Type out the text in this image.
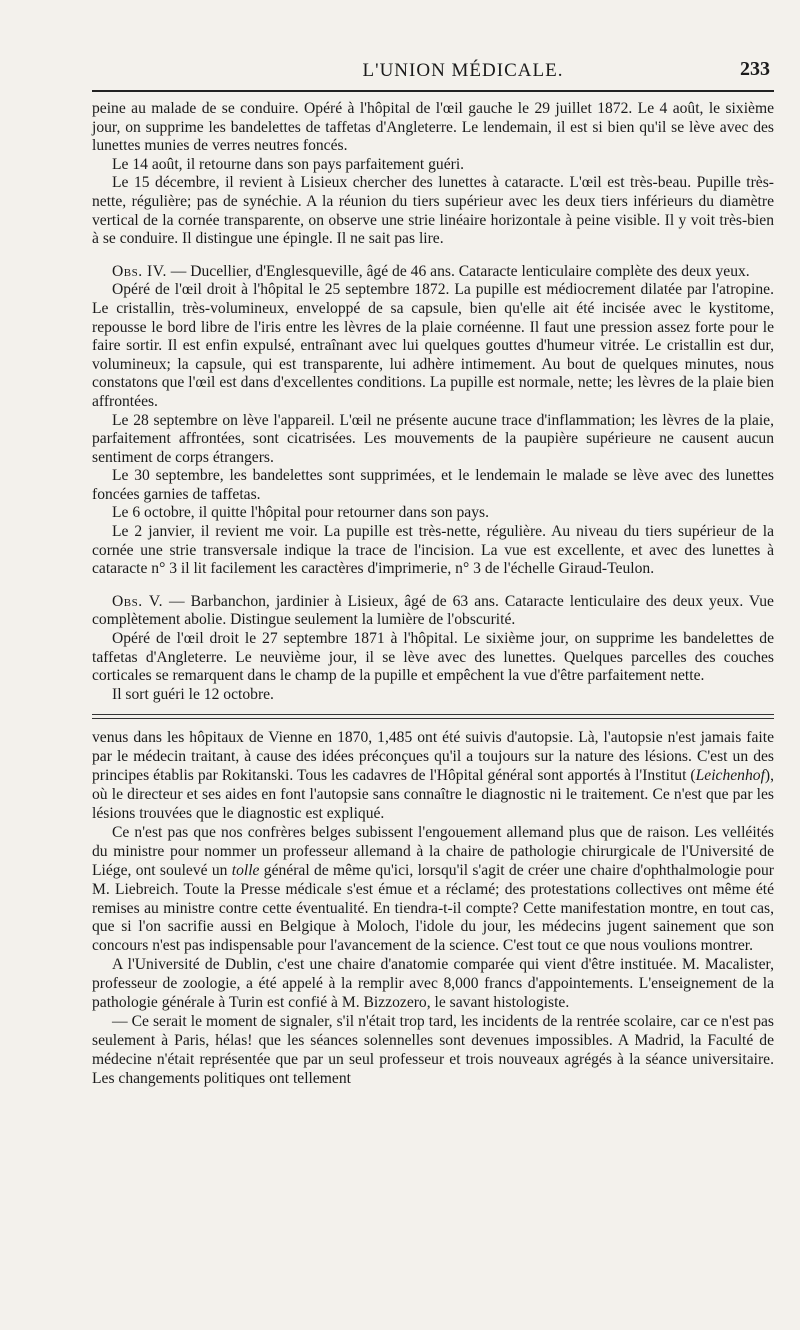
L'UNION MÉDICALE.	233

peine au malade de se conduire. Opéré à l'hôpital de l'œil gauche le 29 juillet 1872. Le 4 août, le sixième jour, on supprime les bandelettes de taffetas d'Angleterre. Le lendemain, il est si bien qu'il se lève avec des lunettes munies de verres neutres foncés.

Le 14 août, il retourne dans son pays parfaitement guéri.

Le 15 décembre, il revient à Lisieux chercher des lunettes à cataracte. L'œil est très-beau. Pupille très-nette, régulière; pas de synéchie. A la réunion du tiers supérieur avec les deux tiers inférieurs du diamètre vertical de la cornée transparente, on observe une strie linéaire horizontale à peine visible. Il y voit très-bien à se conduire. Il distingue une épingle. Il ne sait pas lire.

Obs. IV. — Ducellier, d'Englesqueville, âgé de 46 ans. Cataracte lenticulaire complète des deux yeux.

Opéré de l'œil droit à l'hôpital le 25 septembre 1872. La pupille est médiocrement dilatée par l'atropine. Le cristallin, très-volumineux, enveloppé de sa capsule, bien qu'elle ait été incisée avec le kystitome, repousse le bord libre de l'iris entre les lèvres de la plaie cornéenne. Il faut une pression assez forte pour le faire sortir. Il est enfin expulsé, entraînant avec lui quelques gouttes d'humeur vitrée. Le cristallin est dur, volumineux; la capsule, qui est transparente, lui adhère intimement. Au bout de quelques minutes, nous constatons que l'œil est dans d'excellentes conditions. La pupille est normale, nette; les lèvres de la plaie bien affrontées.

Le 28 septembre on lève l'appareil. L'œil ne présente aucune trace d'inflammation; les lèvres de la plaie, parfaitement affrontées, sont cicatrisées. Les mouvements de la paupière supérieure ne causent aucun sentiment de corps étrangers.

Le 30 septembre, les bandelettes sont supprimées, et le lendemain le malade se lève avec des lunettes foncées garnies de taffetas.

Le 6 octobre, il quitte l'hôpital pour retourner dans son pays.

Le 2 janvier, il revient me voir. La pupille est très-nette, régulière. Au niveau du tiers supérieur de la cornée une strie transversale indique la trace de l'incision. La vue est excellente, et avec des lunettes à cataracte n° 3 il lit facilement les caractères d'imprimerie, n° 3 de l'échelle Giraud-Teulon.

Obs. V. — Barbanchon, jardinier à Lisieux, âgé de 63 ans. Cataracte lenticulaire des deux yeux. Vue complètement abolie. Distingue seulement la lumière de l'obscurité.

Opéré de l'œil droit le 27 septembre 1871 à l'hôpital. Le sixième jour, on supprime les bandelettes de taffetas d'Angleterre. Le neuvième jour, il se lève avec des lunettes. Quelques parcelles des couches corticales se remarquent dans le champ de la pupille et empêchent la vue d'être parfaitement nette.

Il sort guéri le 12 octobre.

venus dans les hôpitaux de Vienne en 1870, 1,485 ont été suivis d'autopsie. Là, l'autopsie n'est jamais faite par le médecin traitant, à cause des idées préconçues qu'il a toujours sur la nature des lésions. C'est un des principes établis par Rokitanski. Tous les cadavres de l'Hôpital général sont apportés à l'Institut (Leichenhof), où le directeur et ses aides en font l'autopsie sans connaître le diagnostic ni le traitement. Ce n'est que par les lésions trouvées que le diagnostic est expliqué.

Ce n'est pas que nos confrères belges subissent l'engouement allemand plus que de raison. Les velléités du ministre pour nommer un professeur allemand à la chaire de pathologie chirurgicale de l'Université de Liége, ont soulevé un tolle général de même qu'ici, lorsqu'il s'agit de créer une chaire d'ophthalmologie pour M. Liebreich. Toute la Presse médicale s'est émue et a réclamé; des protestations collectives ont même été remises au ministre contre cette éventualité. En tiendra-t-il compte? Cette manifestation montre, en tout cas, que si l'on sacrifie aussi en Belgique à Moloch, l'idole du jour, les médecins jugent sainement que son concours n'est pas indispensable pour l'avancement de la science. C'est tout ce que nous voulions montrer.

A l'Université de Dublin, c'est une chaire d'anatomie comparée qui vient d'être instituée. M. Macalister, professeur de zoologie, a été appelé à la remplir avec 8,000 francs d'appointements. L'enseignement de la pathologie générale à Turin est confié à M. Bizzozero, le savant histologiste.

— Ce serait le moment de signaler, s'il n'était trop tard, les incidents de la rentrée scolaire, car ce n'est pas seulement à Paris, hélas! que les séances solennelles sont devenues impossibles. A Madrid, la Faculté de médecine n'était représentée que par un seul professeur et trois nouveaux agrégés à la séance universitaire. Les changements politiques ont tellement
